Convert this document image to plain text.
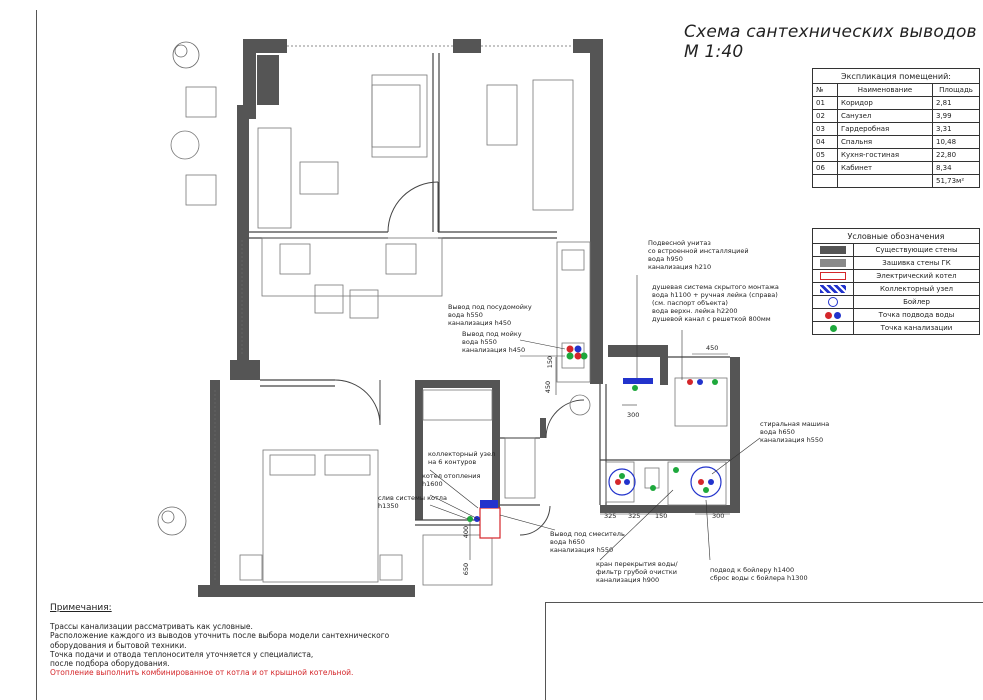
Схема сантехнических выводов М 1:40
Подвесной унитаз
со встроенной инсталляцией
вода h950
канализация h210
душевая система скрытого монтажа
вода h1100 + ручная лейка (справа)
(см. паспорт объекта)
вода верхн. лейка h2200
душевой канал с решеткой 800мм
Вывод под посудомойку
вода h550
канализация h450
Вывод под мойку
вода h550
канализация h450
стиральная машина
вода h650
канализация h550
коллекторный узел
на 6 контуров
котел отопления
h1600
слив системы котла
h1350
Вывод под смеситель
вода h650
канализация h550
кран перекрытия воды/
фильтр грубой очистки
канализация h900
подвод к бойлеру h1400
сброс воды с бойлера h1300
450
150
450
300
325 325 150	300
400
650
Экспликация помещений:		
№	Наименование	Площадь
01	Коридор	2,81
02	Санузел	3,99
03	Гардеробная	3,31
04	Спальня	10,48
05	Кухня-гостиная	22,80
06	Кабинет	8,34
		51,73м²
Условные обозначения	
	Существующие стены
	Зашивка стены ГК
	Электрический котел
	Коллекторный узел
	Бойлер
	Точка подвода воды
	Точка канализации
Примечания:
Трассы канализации рассматривать как условные.
Расположение каждого из выводов уточнить после выбора модели сантехнического
оборудования и бытовой техники.
Точка подачи и отвода теплоносителя уточняется у специалиста,
после подбора оборудования.
Отопление выполнить комбинированное от котла и от крышной котельной.
